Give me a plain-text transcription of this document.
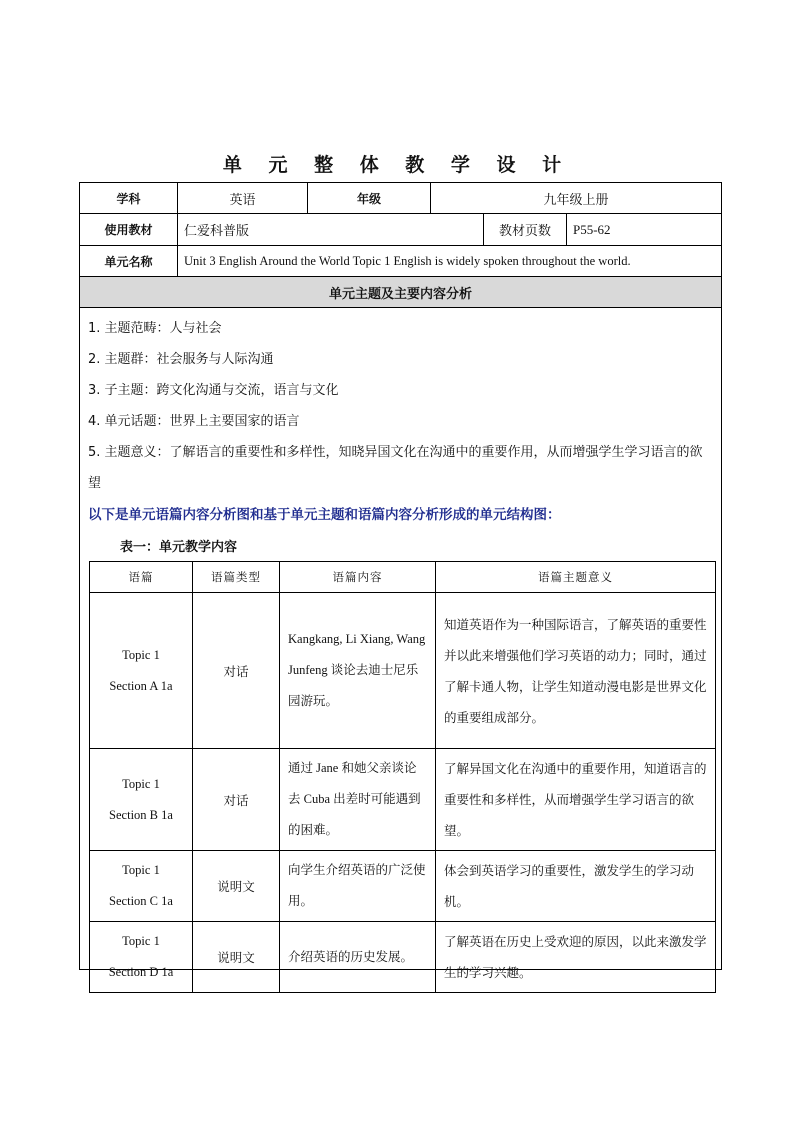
单 元 整 体 教 学 设 计
学科	英语	年级	九年级上册
使用教材	仁爱科普版	教材页数	P55-62
单元名称	Unit 3 English Around the World Topic 1 English is widely spoken throughout the world.
单元主题及主要内容分析
1. 主题范畴：人与社会
2. 主题群：社会服务与人际沟通
3. 子主题：跨文化沟通与交流，语言与文化
4. 单元话题：世界上主要国家的语言
5. 主题意义：了解语言的重要性和多样性，知晓异国文化在沟通中的重要作用，从而增强学生学习语言的欲望
以下是单元语篇内容分析图和基于单元主题和语篇内容分析形成的单元结构图：
表一：单元教学内容
语篇	语篇类型	语篇内容	语篇主题意义

Topic 1
Section A 1a	对话	Kangkang, Li Xiang, Wang Junfeng 谈论去迪士尼乐园游玩。	知道英语作为一种国际语言，了解英语的重要性并以此来增强他们学习英语的动力；同时，通过了解卡通人物，让学生知道动漫电影是世界文化的重要组成部分。

Topic 1
Section B 1a	对话	通过 Jane 和她父亲谈论去 Cuba 出差时可能遇到的困难。	了解异国文化在沟通中的重要作用，知道语言的重要性和多样性，从而增强学生学习语言的欲望。

Topic 1
Section C 1a	说明文	向学生介绍英语的广泛使用。	体会到英语学习的重要性，激发学生的学习动机。

Topic 1
Section D 1a	说明文	介绍英语的历史发展。	了解英语在历史上受欢迎的原因，以此来激发学生的学习兴趣。
